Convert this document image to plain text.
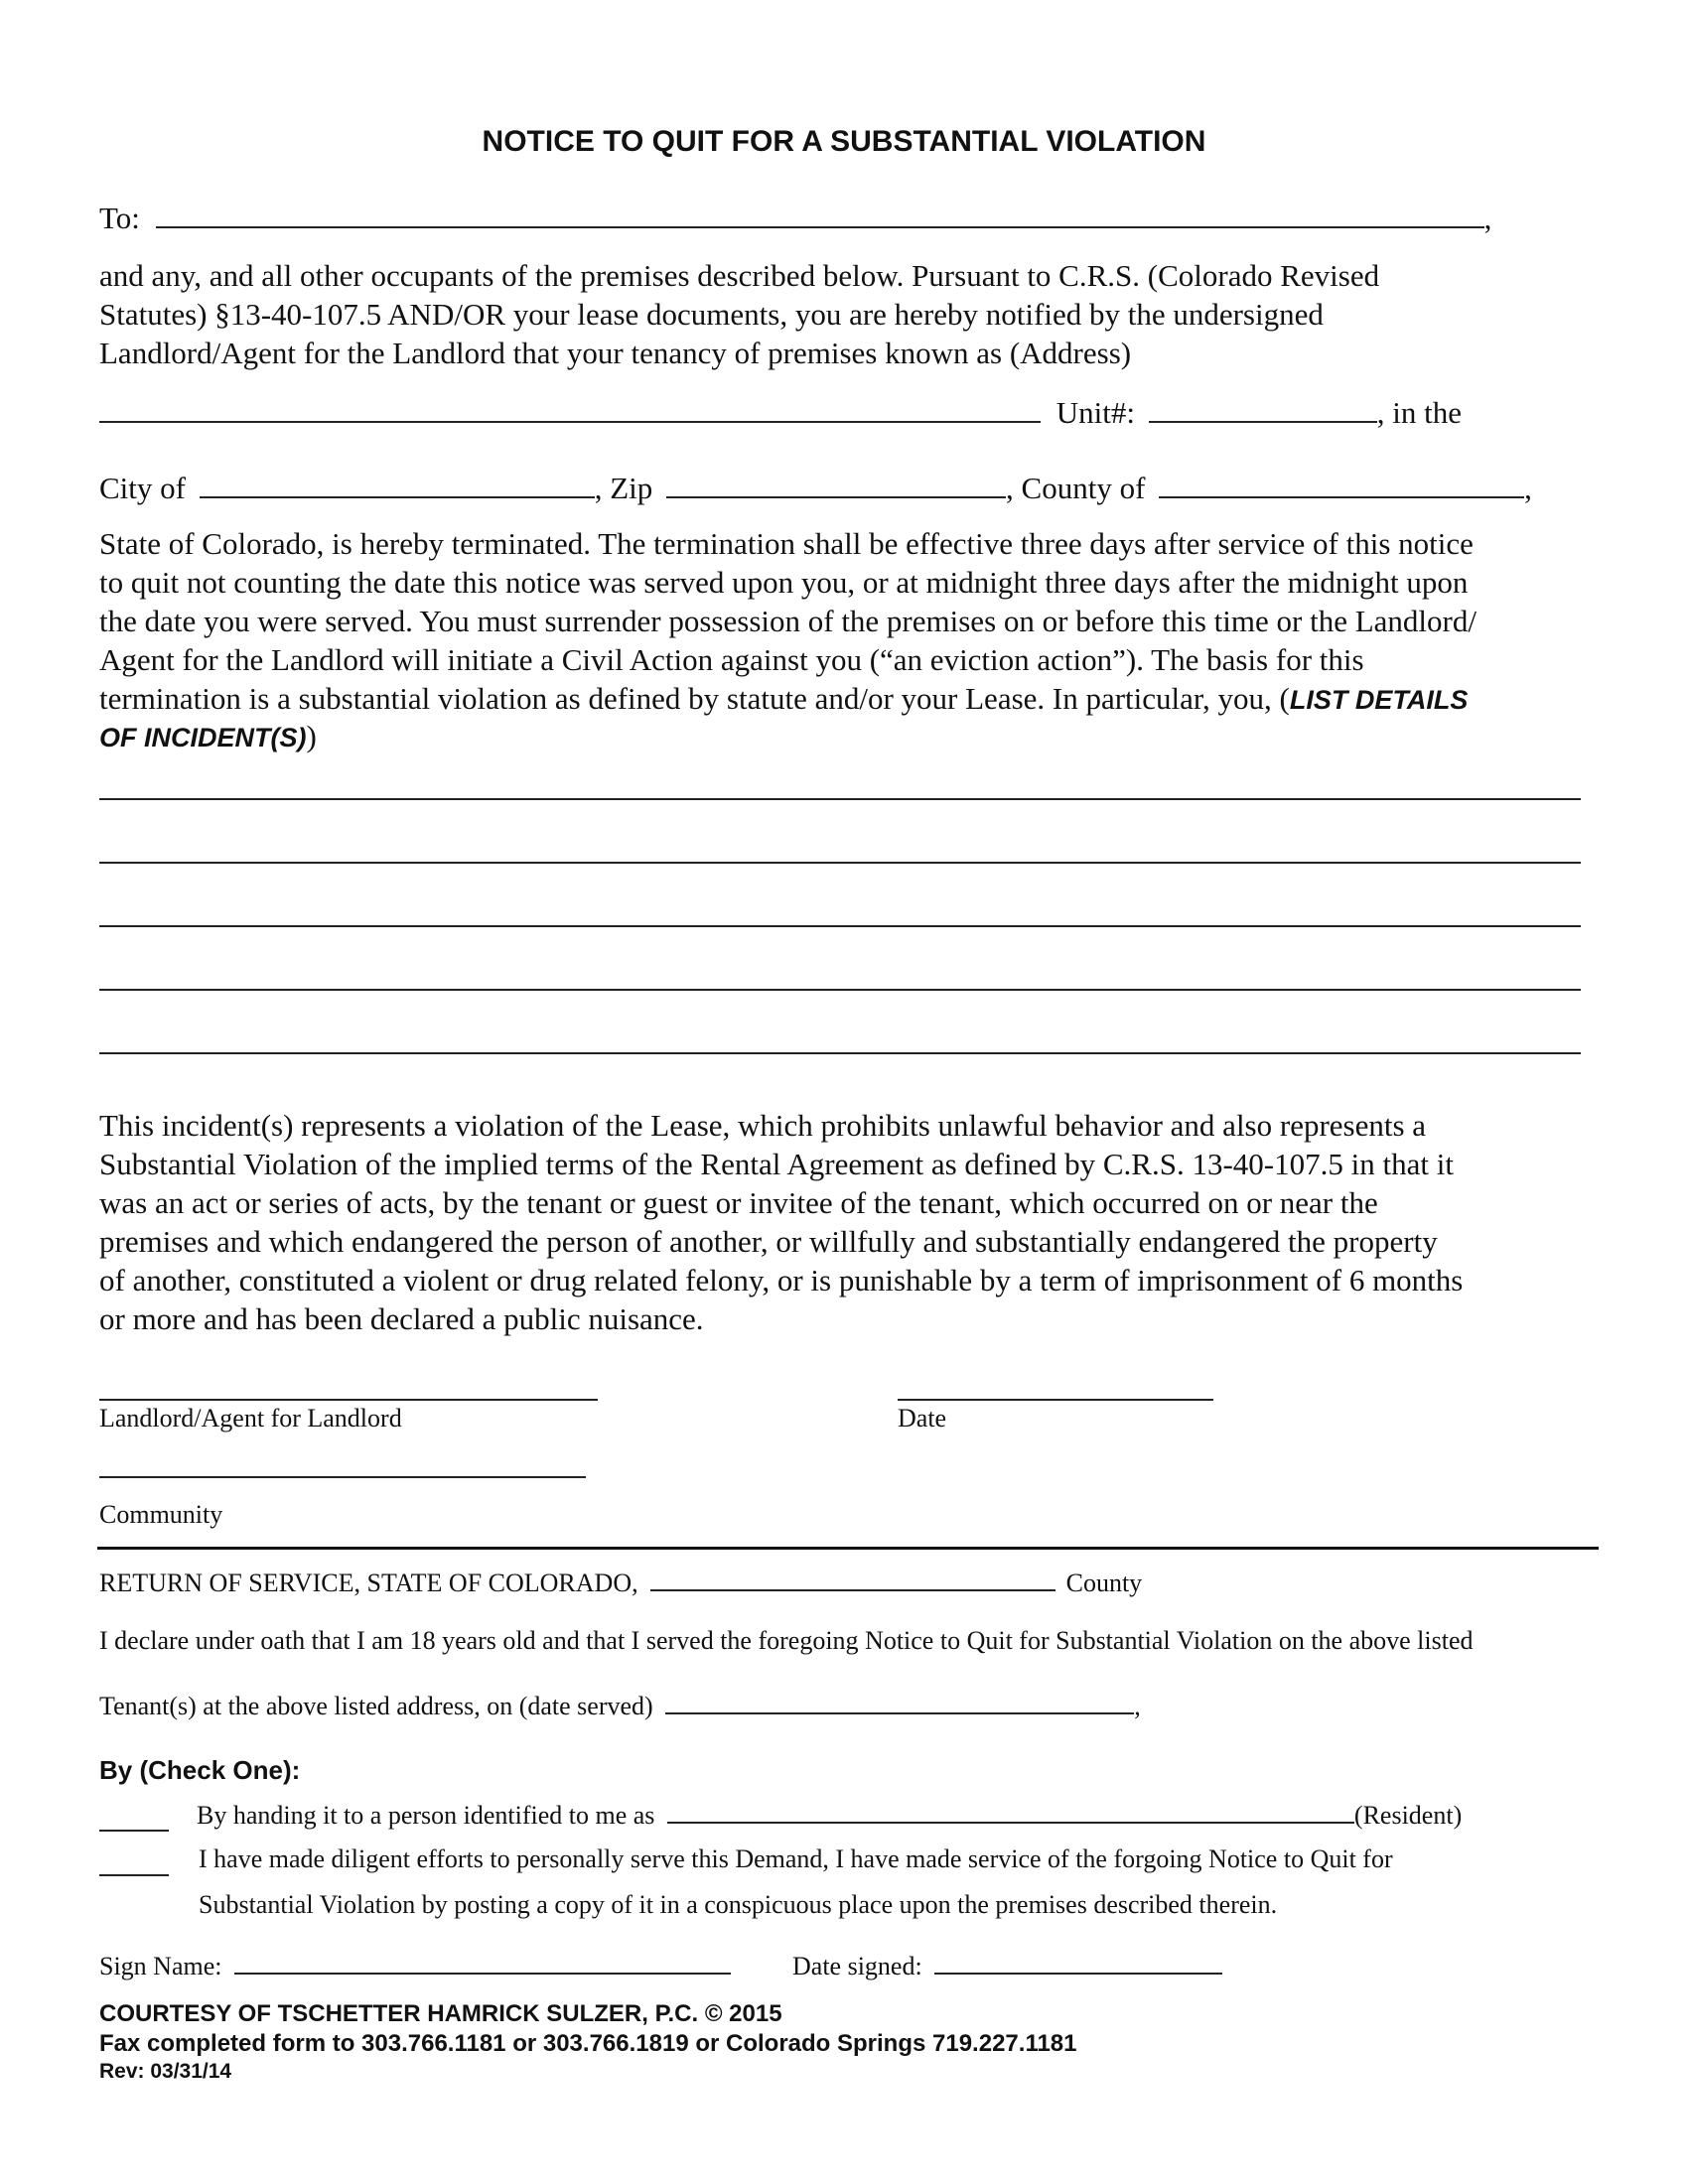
NOTICE TO QUIT FOR A SUBSTANTIAL VIOLATION
To:	,
and any, and all other occupants of the premises described below. Pursuant to C.R.S. (Colorado Revised
Statutes) §13-40-107.5 AND/OR your lease documents, you are hereby notified by the undersigned
Landlord/Agent for the Landlord that your tenancy of premises known as (Address)
Unit#:	, in the
City of	, Zip	, County of	,
State of Colorado, is hereby terminated. The termination shall be effective three days after service of this notice
to quit not counting the date this notice was served upon you, or at midnight three days after the midnight upon
the date you were served. You must surrender possession of the premises on or before this time or the Landlord/
Agent for the Landlord will initiate a Civil Action against you (“an eviction action”). The basis for this
termination is a substantial violation as defined by statute and/or your Lease. In particular, you, (LIST DETAILS
OF INCIDENT(S))
This incident(s) represents a violation of the Lease, which prohibits unlawful behavior and also represents a
Substantial Violation of the implied terms of the Rental Agreement as defined by C.R.S. 13-40-107.5 in that it
was an act or series of acts, by the tenant or guest or invitee of the tenant, which occurred on or near the
premises and which endangered the person of another, or willfully and substantially endangered the property
of another, constituted a violent or drug related felony, or is punishable by a term of imprisonment of 6 months
or more and has been declared a public nuisance.
Landlord/Agent for Landlord	Date
Community
RETURN OF SERVICE, STATE OF COLORADO,	County
I declare under oath that I am 18 years old and that I served the foregoing Notice to Quit for Substantial Violation on the above listed
Tenant(s) at the above listed address, on (date served)	,
By (Check One):
By handing it to a person identified to me as	(Resident)
I have made diligent efforts to personally serve this Demand, I have made service of the forgoing Notice to Quit for
Substantial Violation by posting a copy of it in a conspicuous place upon the premises described therein.
Sign Name:	Date signed:
COURTESY OF TSCHETTER HAMRICK SULZER, P.C. © 2015
Fax completed form to 303.766.1181 or 303.766.1819 or Colorado Springs 719.227.1181
Rev: 03/31/14
